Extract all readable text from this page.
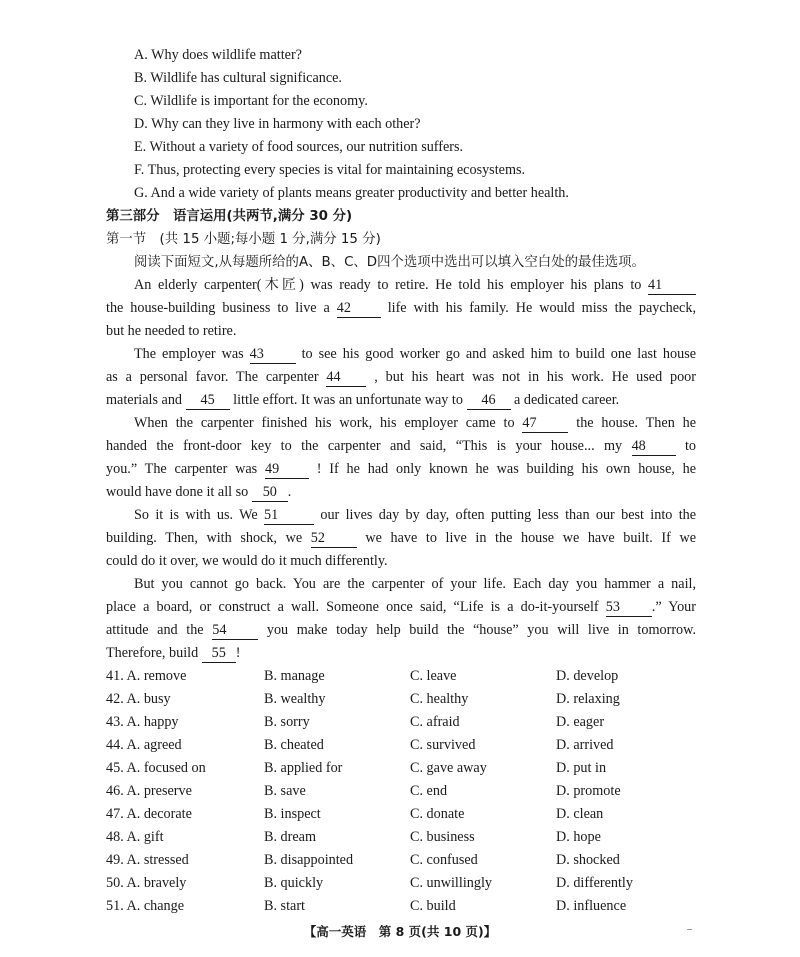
A. Why does wildlife matter?
B. Wildlife has cultural significance.
C. Wildlife is important for the economy.
D. Why can they live in harmony with each other?
E. Without a variety of food sources, our nutrition suffers.
F. Thus, protecting every species is vital for maintaining ecosystems.
G. And a wide variety of plants means greater productivity and better health.
第三部分　语言运用(共两节,满分 30 分)
第一节　(共 15 小题;每小题 1 分,满分 15 分)
阅读下面短文,从每题所给的A、B、C、D四个选项中选出可以填入空白处的最佳选项。
An elderly carpenter(木匠) was ready to retire. He told his employer his plans to 41
the house-building business to live a 42	life with his family. He would miss the paycheck,
but he needed to retire.
The employer was 43	to see his good worker go and asked him to build one last house
as a personal favor. The carpenter 44 , but his heart was not in his work. He used poor
materials and 45 little effort. It was an unfortunate way to 46 a dedicated career.
When the carpenter finished his work, his employer came to 47	the house. Then he
handed the front-door key to the carpenter and said, “This is your house... my 48	to
you.” The carpenter was 49	! If he had only known he was building his own house, he
would have done it all so 50 .
So it is with us. We 51	our lives day by day, often putting less than our best into the
building. Then, with shock, we 52	we have to live in the house we have built. If we
could do it over, we would do it much differently.
But you cannot go back. You are the carpenter of your life. Each day you hammer a nail,
place a board, or construct a wall. Someone once said, “Life is a do-it-yourself 53 .” Your
attitude and the 54	you make today help build the “house” you will live in tomorrow.
Therefore, build 55 !
41. A. remove	B. manage	C. leave	D. develop
42. A. busy	B. wealthy	C. healthy	D. relaxing
43. A. happy	B. sorry	C. afraid	D. eager
44. A. agreed	B. cheated	C. survived	D. arrived
45. A. focused on	B. applied for	C. gave away	D. put in
46. A. preserve	B. save	C. end	D. promote
47. A. decorate	B. inspect	C. donate	D. clean
48. A. gift	B. dream	C. business	D. hope
49. A. stressed	B. disappointed	C. confused	D. shocked
50. A. bravely	B. quickly	C. unwillingly	D. differently
51. A. change	B. start	C. build	D. influence
【高一英语　第 8 页(共 10 页)】	–
